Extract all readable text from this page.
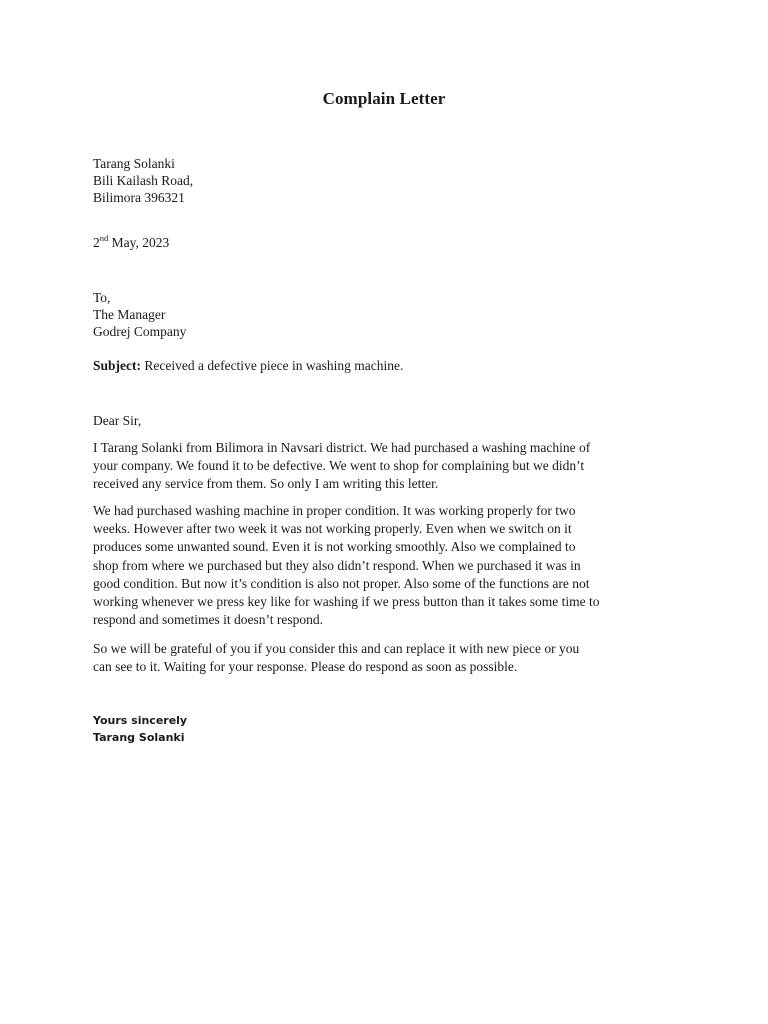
Complain Letter
Tarang Solanki
Bili Kailash Road,
Bilimora 396321
2nd May, 2023
To,
The Manager
Godrej Company
Subject: Received a defective piece in washing machine.
Dear Sir,
I Tarang Solanki from Bilimora in Navsari district. We had purchased a washing machine of
your company. We found it to be defective. We went to shop for complaining but we didn’t
received any service from them. So only I am writing this letter.
We had purchased washing machine in proper condition. It was working properly for two
weeks. However after two week it was not working properly. Even when we switch on it
produces some unwanted sound. Even it is not working smoothly. Also we complained to
shop from where we purchased but they also didn’t respond. When we purchased it was in
good condition. But now it’s condition is also not proper. Also some of the functions are not
working whenever we press key like for washing if we press button than it takes some time to
respond and sometimes it doesn’t respond.
So we will be grateful of you if you consider this and can replace it with new piece or you
can see to it. Waiting for your response. Please do respond as soon as possible.
Yours sincerely
Tarang Solanki
